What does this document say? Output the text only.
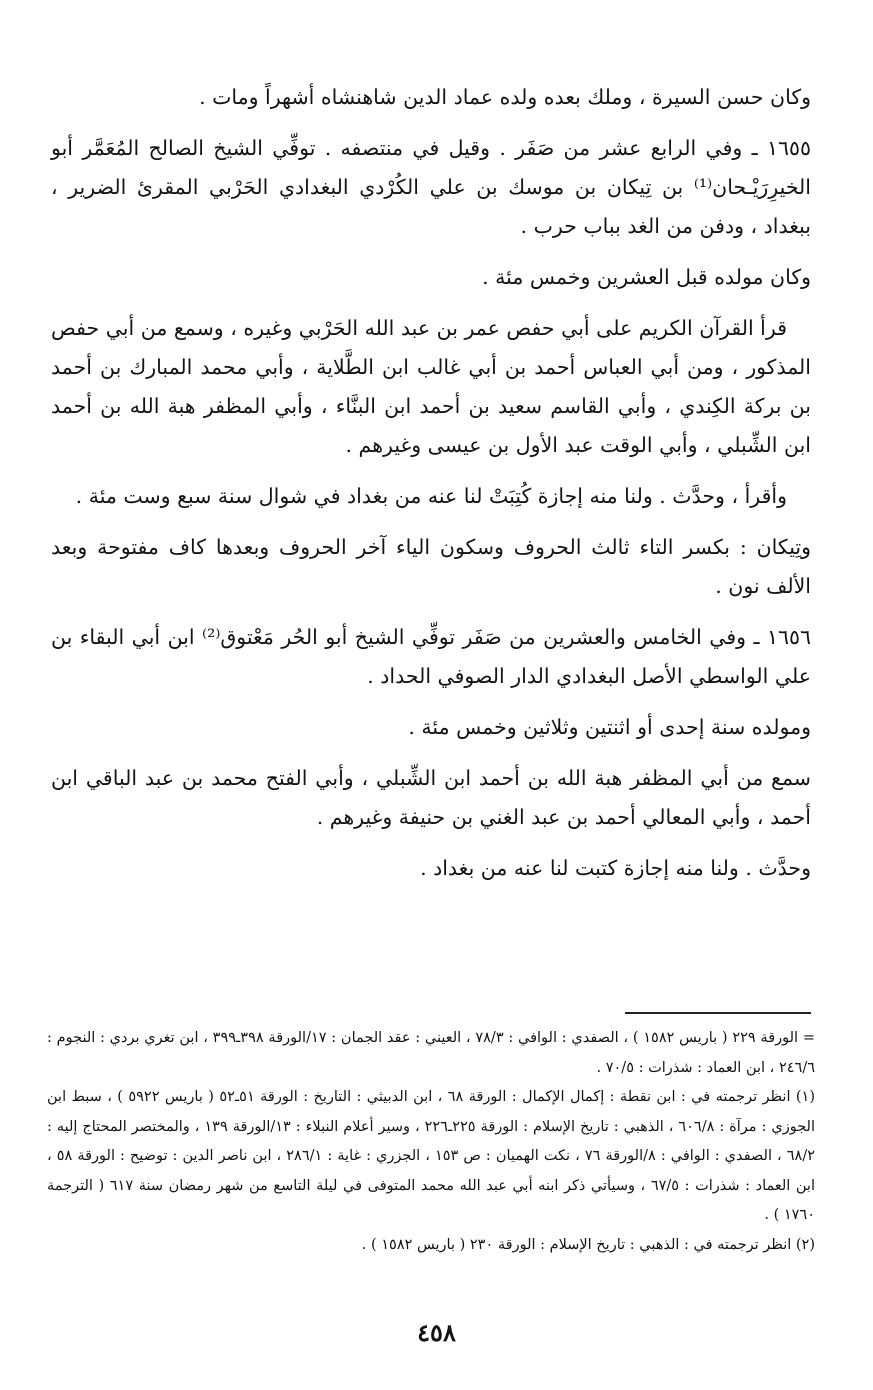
وكان حسن السيرة ، وملك بعده ولده عماد الدين شاهنشاه أشهراً ومات .

١٦٥٥ ـ وفي الرابع عشر من صَفَر . وقيل في منتصفه . توفِّي الشيخ الصالح المُعَمَّر أبو الخيرِرَيْـحان⁽¹⁾ بن تِيكان بن موسك بن علي الكُرْدي البغدادي الحَرْبي المقرئ الضرير ، ببغداد ، ودفن من الغد بباب حرب .

وكان مولده قبل العشرين وخمس مئة .

قرأ القرآن الكريم على أبي حفص عمر بن عبد الله الحَرْبي وغيره ، وسمع من أبي حفص المذكور ، ومن أبي العباس أحمد بن أبي غالب ابن الطَّلاية ، وأبي محمد المبارك بن أحمد بن بركة الكِندي ، وأبي القاسم سعيد بن أحمد ابن البنَّاء ، وأبي المظفر هبة الله بن أحمد ابن الشِّبلي ، وأبي الوقت عبد الأول بن عيسى وغيرهم .

وأقرأ ، وحدَّث . ولنا منه إجازة كُتِبَتْ لنا عنه من بغداد في شوال سنة سبع وست مئة .

وتِيكان : بكسر التاء ثالث الحروف وسكون الياء آخر الحروف وبعدها كاف مفتوحة وبعد الألف نون .

١٦٥٦ ـ وفي الخامس والعشرين من صَفَر توفِّي الشيخ أبو الحُر مَعْتوق⁽²⁾ ابن أبي البقاء بن علي الواسطي الأصل البغدادي الدار الصوفي الحداد .

ومولده سنة إحدى أو اثنتين وثلاثين وخمس مئة .

سمع من أبي المظفر هبة الله بن أحمد ابن الشِّبلي ، وأبي الفتح محمد بن عبد الباقي ابن أحمد ، وأبي المعالي أحمد بن عبد الغني بن حنيفة وغيرهم .

وحدَّث . ولنا منه إجازة كتبت لنا عنه من بغداد .

= الورقة ٢٢٩ ( باريس ١٥٨٢ ) ، الصفدي : الوافي : ٧٨/٣ ، العيني : عقد الجمان : ١٧/الورقة ٣٩٨ـ٣٩٩ ، ابن تغري بردي : النجوم : ٢٤٦/٦ ، ابن العماد : شذرات : ٧٠/٥ .

(١) انظر ترجمته في : ابن نقطة : إكمال الإكمال : الورقة ٦٨ ، ابن الدبيثي : التاريخ : الورقة ٥١ـ٥٢ ( باريس ٥٩٢٢ ) ، سبط ابن الجوزي : مرآة : ٦٠٦/٨ ، الذهبي : تاريخ الإسلام : الورقة ٢٢٥ـ٢٢٦ ، وسير أعلام النبلاء : ١٣/الورقة ١٣٩ ، والمختصر المحتاج إليه : ٦٨/٢ ، الصفدي : الوافي : ٨/الورقة ٧٦ ، نكت الهميان : ص ١٥٣ ، الجزري : غاية : ٢٨٦/١ ، ابن ناصر الدين : توضيح : الورقة ٥٨ ، ابن العماد : شذرات : ٦٧/٥ ، وسيأتي ذكر ابنه أبي عبد الله محمد المتوفى في ليلة التاسع من شهر رمضان سنة ٦١٧ ( الترجمة ١٧٦٠ ) .

(٢) انظر ترجمته في : الذهبي : تاريخ الإسلام : الورقة ٢٣٠ ( باريس ١٥٨٢ ) .

٤٥٨
